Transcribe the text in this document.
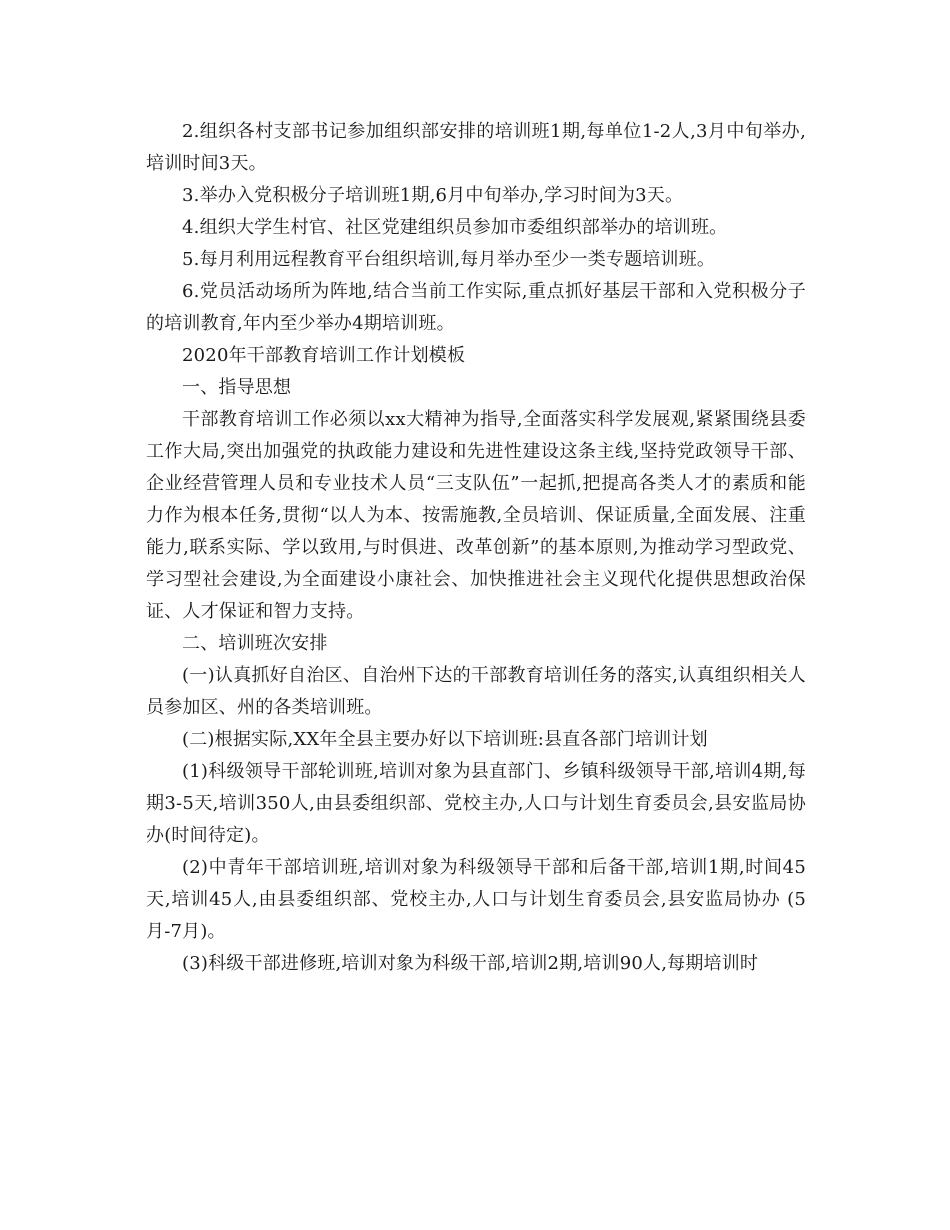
2.组织各村支部书记参加组织部安排的培训班1期,每单位1-2人,3月中旬举办,培训时间3天。

3.举办入党积极分子培训班1期,6月中旬举办,学习时间为3天。

4.组织大学生村官、社区党建组织员参加市委组织部举办的培训班。

5.每月利用远程教育平台组织培训,每月举办至少一类专题培训班。

6.党员活动场所为阵地,结合当前工作实际,重点抓好基层干部和入党积极分子的培训教育,年内至少举办4期培训班。

2020年干部教育培训工作计划模板

一、指导思想

干部教育培训工作必须以xx大精神为指导,全面落实科学发展观,紧紧围绕县委工作大局,突出加强党的执政能力建设和先进性建设这条主线,坚持党政领导干部、企业经营管理人员和专业技术人员“三支队伍”一起抓,把提高各类人才的素质和能力作为根本任务,贯彻“以人为本、按需施教,全员培训、保证质量,全面发展、注重能力,联系实际、学以致用,与时俱进、改革创新”的基本原则,为推动学习型政党、学习型社会建设,为全面建设小康社会、加快推进社会主义现代化提供思想政治保证、人才保证和智力支持。

二、培训班次安排

(一)认真抓好自治区、自治州下达的干部教育培训任务的落实,认真组织相关人员参加区、州的各类培训班。

(二)根据实际,XX年全县主要办好以下培训班:县直各部门培训计划

(1)科级领导干部轮训班,培训对象为县直部门、乡镇科级领导干部,培训4期,每期3-5天,培训350人,由县委组织部、党校主办,人口与计划生育委员会,县安监局协办(时间待定)。

(2)中青年干部培训班,培训对象为科级领导干部和后备干部,培训1期,时间45天,培训45人,由县委组织部、党校主办,人口与计划生育委员会,县安监局协办 (5月-7月)。

(3)科级干部进修班,培训对象为科级干部,培训2期,培训90人,每期培训时
